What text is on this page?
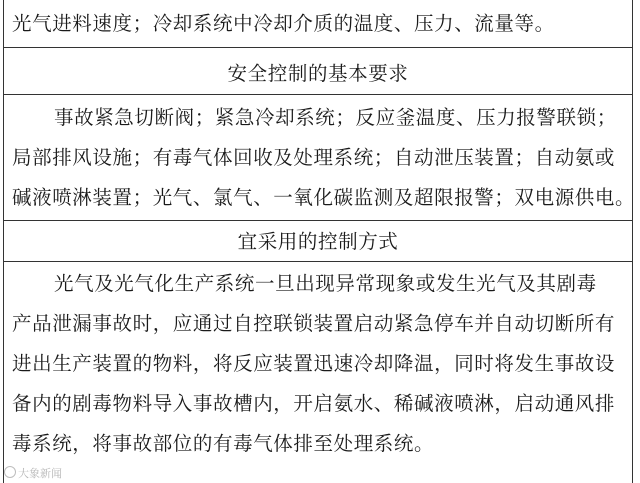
光气进料速度；冷却系统中冷却介质的温度、压力、流量等。
安全控制的基本要求
事故紧急切断阀；紧急冷却系统；反应釜温度、压力报警联锁；
局部排风设施；有毒气体回收及处理系统；自动泄压装置；自动氨或
碱液喷淋装置；光气、氯气、一氧化碳监测及超限报警；双电源供电。
宜采用的控制方式
光气及光气化生产系统一旦出现异常现象或发生光气及其剧毒
产品泄漏事故时，应通过自控联锁装置启动紧急停车并自动切断所有
进出生产装置的物料，将反应装置迅速冷却降温，同时将发生事故设
备内的剧毒物料导入事故槽内，开启氨水、稀碱液喷淋，启动通风排
毒系统，将事故部位的有毒气体排至处理系统。
大象新闻
